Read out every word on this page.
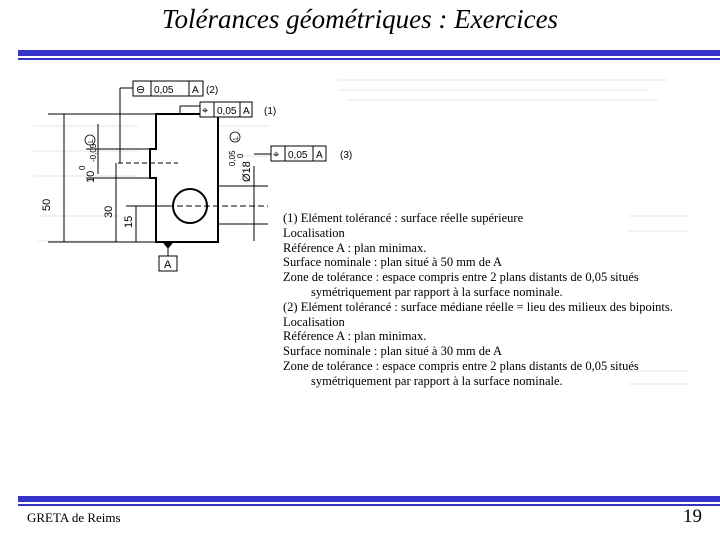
Tolérances géométriques : Exercices
50
30
15
10
0
-0,05
L
Ø18
0,05 0
L
A
⊖ 0,05 A (2)
⌖ 0,05 A (1)
⌖ 0,05 A (3)
(1) Elément tolérancé : surface réelle supérieure
Localisation
Référence A : plan minimax.
Surface nominale : plan situé à 50 mm de A
Zone de tolérance : espace compris entre 2 plans distants de 0,05 situés
symétriquement par rapport à la surface nominale.
(2) Elément tolérancé : surface médiane réelle = lieu des milieux des bipoints.
Localisation
Référence A : plan minimax.
Surface nominale : plan situé à 30 mm de A
Zone de tolérance : espace compris entre 2 plans distants de 0,05 situés
symétriquement par rapport à la surface nominale.
GRETA de Reims	19
